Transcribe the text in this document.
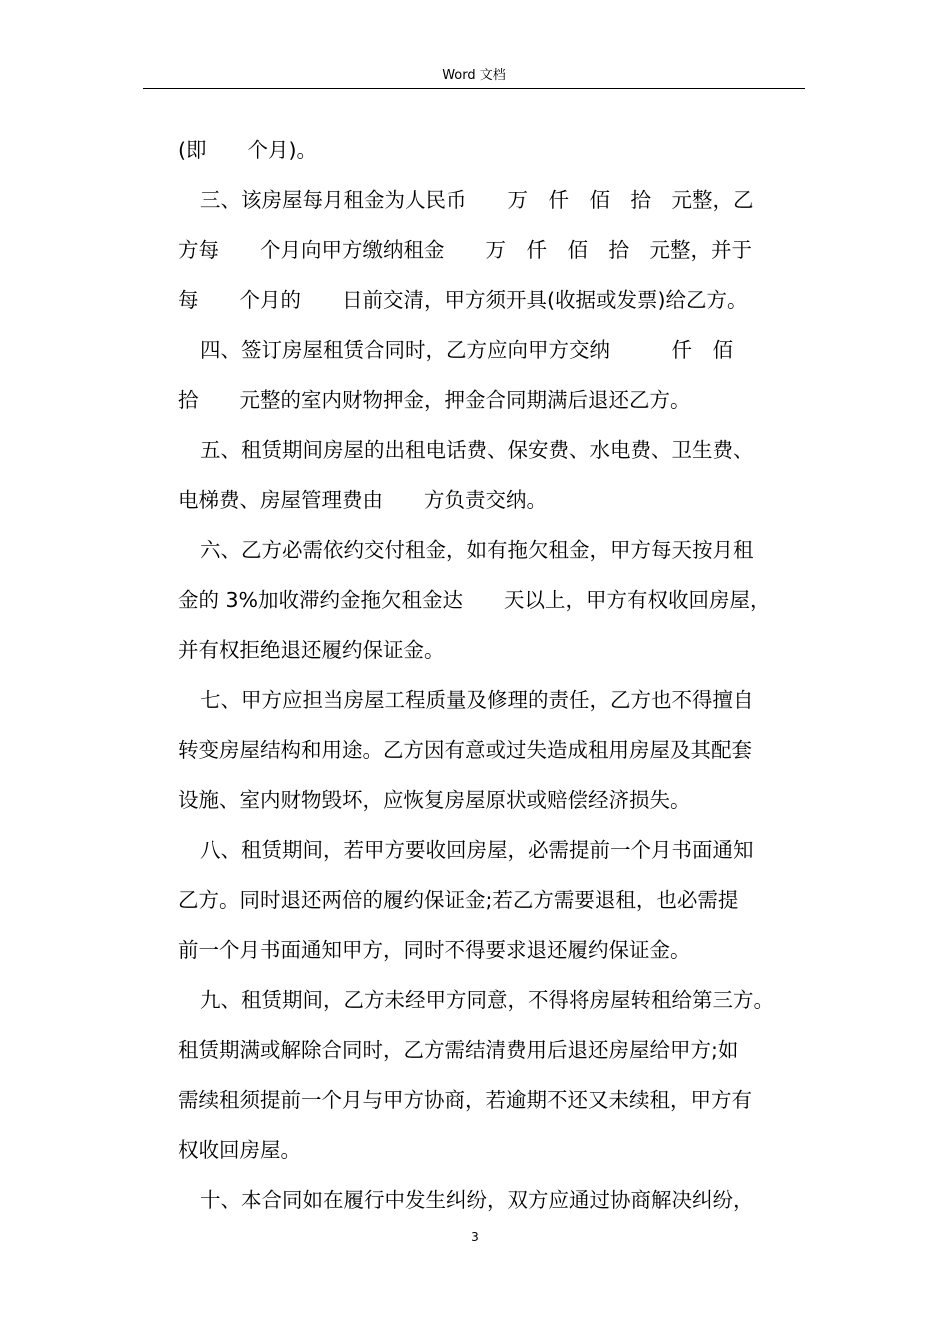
Word 文档
(即　　个月)。
三、该房屋每月租金为人民币　　万　仟　佰　拾　元整，乙
方每　　个月向甲方缴纳租金　　万　仟　佰　拾　元整，并于
每　　个月的　　日前交清，甲方须开具(收据或发票)给乙方。
四、签订房屋租赁合同时，乙方应向甲方交纳　　　仟　佰
拾　　元整的室内财物押金，押金合同期满后退还乙方。
五、租赁期间房屋的出租电话费、保安费、水电费、卫生费、
电梯费、房屋管理费由　　方负责交纳。
六、乙方必需依约交付租金，如有拖欠租金，甲方每天按月租
金的 3%加收滞约金拖欠租金达　　天以上，甲方有权收回房屋，
并有权拒绝退还履约保证金。
七、甲方应担当房屋工程质量及修理的责任，乙方也不得擅自
转变房屋结构和用途。乙方因有意或过失造成租用房屋及其配套
设施、室内财物毁坏，应恢复房屋原状或赔偿经济损失。
八、租赁期间，若甲方要收回房屋，必需提前一个月书面通知
乙方。同时退还两倍的履约保证金;若乙方需要退租，也必需提
前一个月书面通知甲方，同时不得要求退还履约保证金。
九、租赁期间，乙方未经甲方同意，不得将房屋转租给第三方。
租赁期满或解除合同时，乙方需结清费用后退还房屋给甲方;如
需续租须提前一个月与甲方协商，若逾期不还又未续租，甲方有
权收回房屋。
十、本合同如在履行中发生纠纷，双方应通过协商解决纠纷，
3
